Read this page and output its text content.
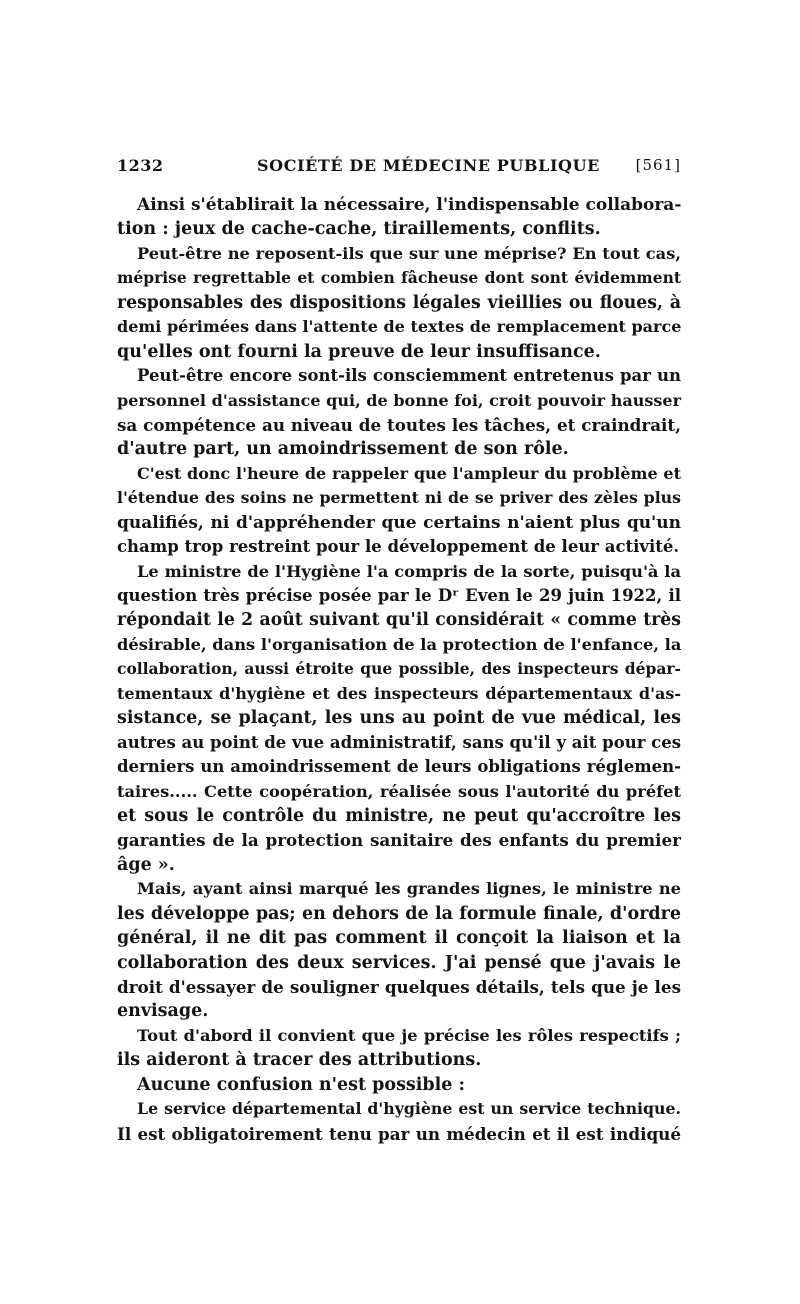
1232	SOCIÉTÉ DE MÉDECINE PUBLIQUE [561]
Ainsi s'établirait la nécessaire, l'indispensable collabora-
tion : jeux de cache-cache, tiraillements, conflits.
Peut-être ne reposent-ils que sur une méprise? En tout cas,
méprise regrettable et combien fâcheuse dont sont évidemment
responsables des dispositions légales vieillies ou floues, à
demi périmées dans l'attente de textes de remplacement parce
qu'elles ont fourni la preuve de leur insuffisance.
Peut-être encore sont-ils consciemment entretenus par un
personnel d'assistance qui, de bonne foi, croit pouvoir hausser
sa compétence au niveau de toutes les tâches, et craindrait,
d'autre part, un amoindrissement de son rôle.
C'est donc l'heure de rappeler que l'ampleur du problème et
l'étendue des soins ne permettent ni de se priver des zèles plus
qualifiés, ni d'appréhender que certains n'aient plus qu'un
champ trop restreint pour le développement de leur activité.
Le ministre de l'Hygiène l'a compris de la sorte, puisqu'à la
question très précise posée par le Dʳ Even le 29 juin 1922, il
répondait le 2 août suivant qu'il considérait « comme très
désirable, dans l'organisation de la protection de l'enfance, la
collaboration, aussi étroite que possible, des inspecteurs dépar-
tementaux d'hygiène et des inspecteurs départementaux d'as-
sistance, se plaçant, les uns au point de vue médical, les
autres au point de vue administratif, sans qu'il y ait pour ces
derniers un amoindrissement de leurs obligations réglemen-
taires..... Cette coopération, réalisée sous l'autorité du préfet
et sous le contrôle du ministre, ne peut qu'accroître les
garanties de la protection sanitaire des enfants du premier
âge ».
Mais, ayant ainsi marqué les grandes lignes, le ministre ne
les développe pas; en dehors de la formule finale, d'ordre
général, il ne dit pas comment il conçoit la liaison et la
collaboration des deux services. J'ai pensé que j'avais le
droit d'essayer de souligner quelques détails, tels que je les
envisage.
Tout d'abord il convient que je précise les rôles respectifs ;
ils aideront à tracer des attributions.
Aucune confusion n'est possible :
Le service départemental d'hygiène est un service technique.
Il est obligatoirement tenu par un médecin et il est indiqué
